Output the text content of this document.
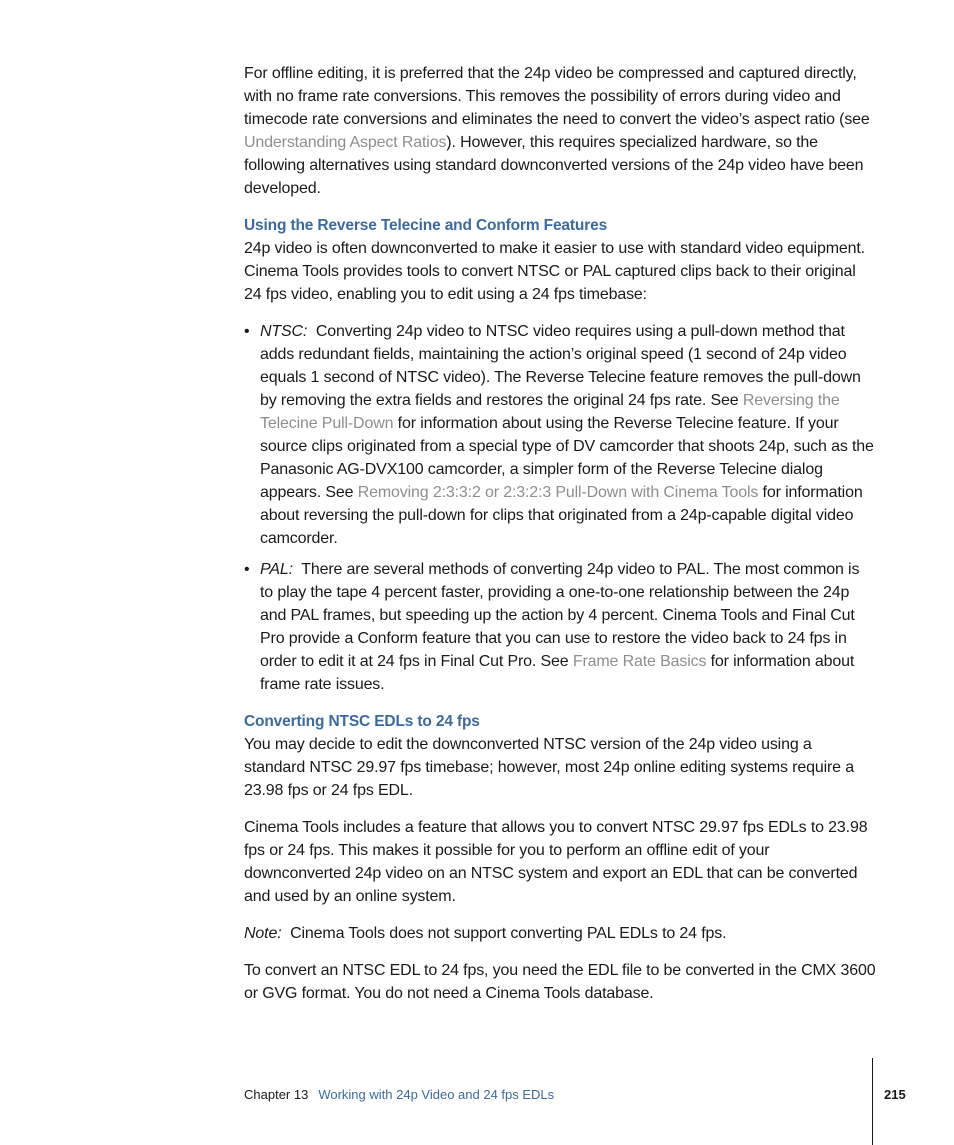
For offline editing, it is preferred that the 24p video be compressed and captured directly, with no frame rate conversions. This removes the possibility of errors during video and timecode rate conversions and eliminates the need to convert the video’s aspect ratio (see Understanding Aspect Ratios). However, this requires specialized hardware, so the following alternatives using standard downconverted versions of the 24p video have been developed.

Using the Reverse Telecine and Conform Features

24p video is often downconverted to make it easier to use with standard video equipment. Cinema Tools provides tools to convert NTSC or PAL captured clips back to their original 24 fps video, enabling you to edit using a 24 fps timebase:

• NTSC: Converting 24p video to NTSC video requires using a pull-down method that adds redundant fields, maintaining the action’s original speed (1 second of 24p video equals 1 second of NTSC video). The Reverse Telecine feature removes the pull-down by removing the extra fields and restores the original 24 fps rate. See Reversing the Telecine Pull-Down for information about using the Reverse Telecine feature. If your source clips originated from a special type of DV camcorder that shoots 24p, such as the Panasonic AG-DVX100 camcorder, a simpler form of the Reverse Telecine dialog appears. See Removing 2:3:3:2 or 2:3:2:3 Pull-Down with Cinema Tools for information about reversing the pull-down for clips that originated from a 24p-capable digital video camcorder.
• PAL: There are several methods of converting 24p video to PAL. The most common is to play the tape 4 percent faster, providing a one-to-one relationship between the 24p and PAL frames, but speeding up the action by 4 percent. Cinema Tools and Final Cut Pro provide a Conform feature that you can use to restore the video back to 24 fps in order to edit it at 24 fps in Final Cut Pro. See Frame Rate Basics for information about frame rate issues.
Converting NTSC EDLs to 24 fps

You may decide to edit the downconverted NTSC version of the 24p video using a standard NTSC 29.97 fps timebase; however, most 24p online editing systems require a 23.98 fps or 24 fps EDL.

Cinema Tools includes a feature that allows you to convert NTSC 29.97 fps EDLs to 23.98 fps or 24 fps. This makes it possible for you to perform an offline edit of your downconverted 24p video on an NTSC system and export an EDL that can be converted and used by an online system.

Note: Cinema Tools does not support converting PAL EDLs to 24 fps.

To convert an NTSC EDL to 24 fps, you need the EDL file to be converted in the CMX 3600 or GVG format. You do not need a Cinema Tools database.

Chapter 13 Working with 24p Video and 24 fps EDLs	215
